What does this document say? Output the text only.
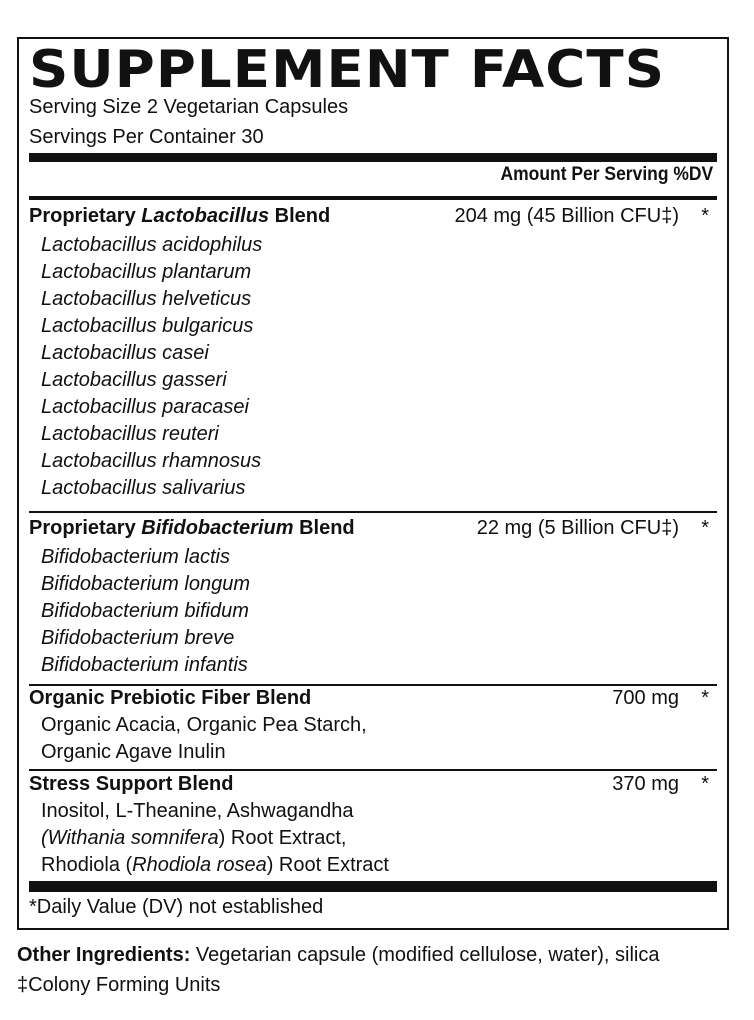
SUPPLEMENT FACTS
Serving Size 2 Vegetarian Capsules
Servings Per Container 30
Amount Per Serving %DV
Proprietary Lactobacillus Blend	204 mg (45 Billion CFU‡) *
Lactobacillus acidophilus
Lactobacillus plantarum
Lactobacillus helveticus
Lactobacillus bulgaricus
Lactobacillus casei
Lactobacillus gasseri
Lactobacillus paracasei
Lactobacillus reuteri
Lactobacillus rhamnosus
Lactobacillus salivarius
Proprietary Bifidobacterium Blend	22 mg (5 Billion CFU‡) *
Bifidobacterium lactis
Bifidobacterium longum
Bifidobacterium bifidum
Bifidobacterium breve
Bifidobacterium infantis
Organic Prebiotic Fiber Blend	700 mg *
Organic Acacia, Organic Pea Starch,
Organic Agave Inulin
Stress Support Blend	370 mg *
Inositol, L-Theanine, Ashwagandha
(Withania somnifera) Root Extract,
Rhodiola (Rhodiola rosea) Root Extract
*Daily Value (DV) not established
Other Ingredients: Vegetarian capsule (modified cellulose, water), silica
‡Colony Forming Units
